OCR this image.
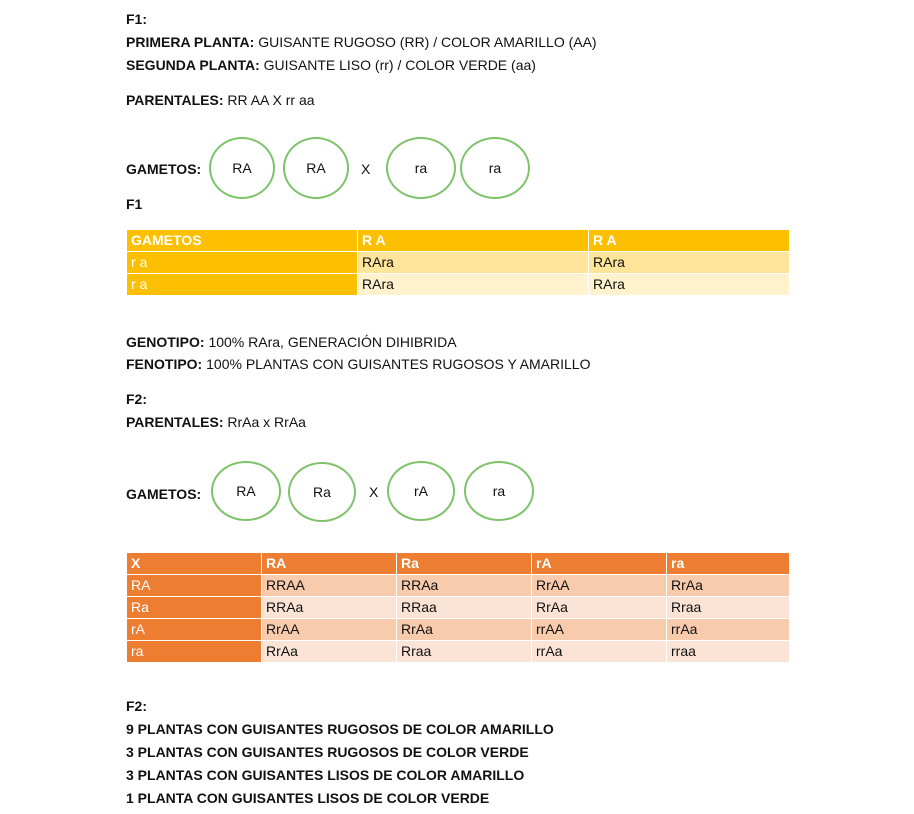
F1:
PRIMERA PLANTA: GUISANTE RUGOSO (RR) / COLOR AMARILLO (AA)
SEGUNDA PLANTA: GUISANTE LISO (rr) / COLOR VERDE (aa)
PARENTALES: RR AA X rr aa
GAMETOS:	RA	RA	X	ra	ra
F1
GAMETOS	R A	R A
r a	RAra	RAra
r a	RAra	RAra
GENOTIPO: 100% RAra, GENERACIÓN DIHIBRIDA
FENOTIPO: 100% PLANTAS CON GUISANTES RUGOSOS Y AMARILLO
F2:
PARENTALES: RrAa x RrAa
GAMETOS:	RA	Ra	X	rA	ra
X	RA	Ra	rA	ra
RA	RRAA	RRAa	RrAA	RrAa
Ra	RRAa	RRaa	RrAa	Rraa
rA	RrAA	RrAa	rrAA	rrAa
ra	RrAa	Rraa	rrAa	rraa
F2:
9 PLANTAS CON GUISANTES RUGOSOS DE COLOR AMARILLO
3 PLANTAS CON GUISANTES RUGOSOS DE COLOR VERDE
3 PLANTAS CON GUISANTES LISOS DE COLOR AMARILLO
1 PLANTA CON GUISANTES LISOS DE COLOR VERDE
